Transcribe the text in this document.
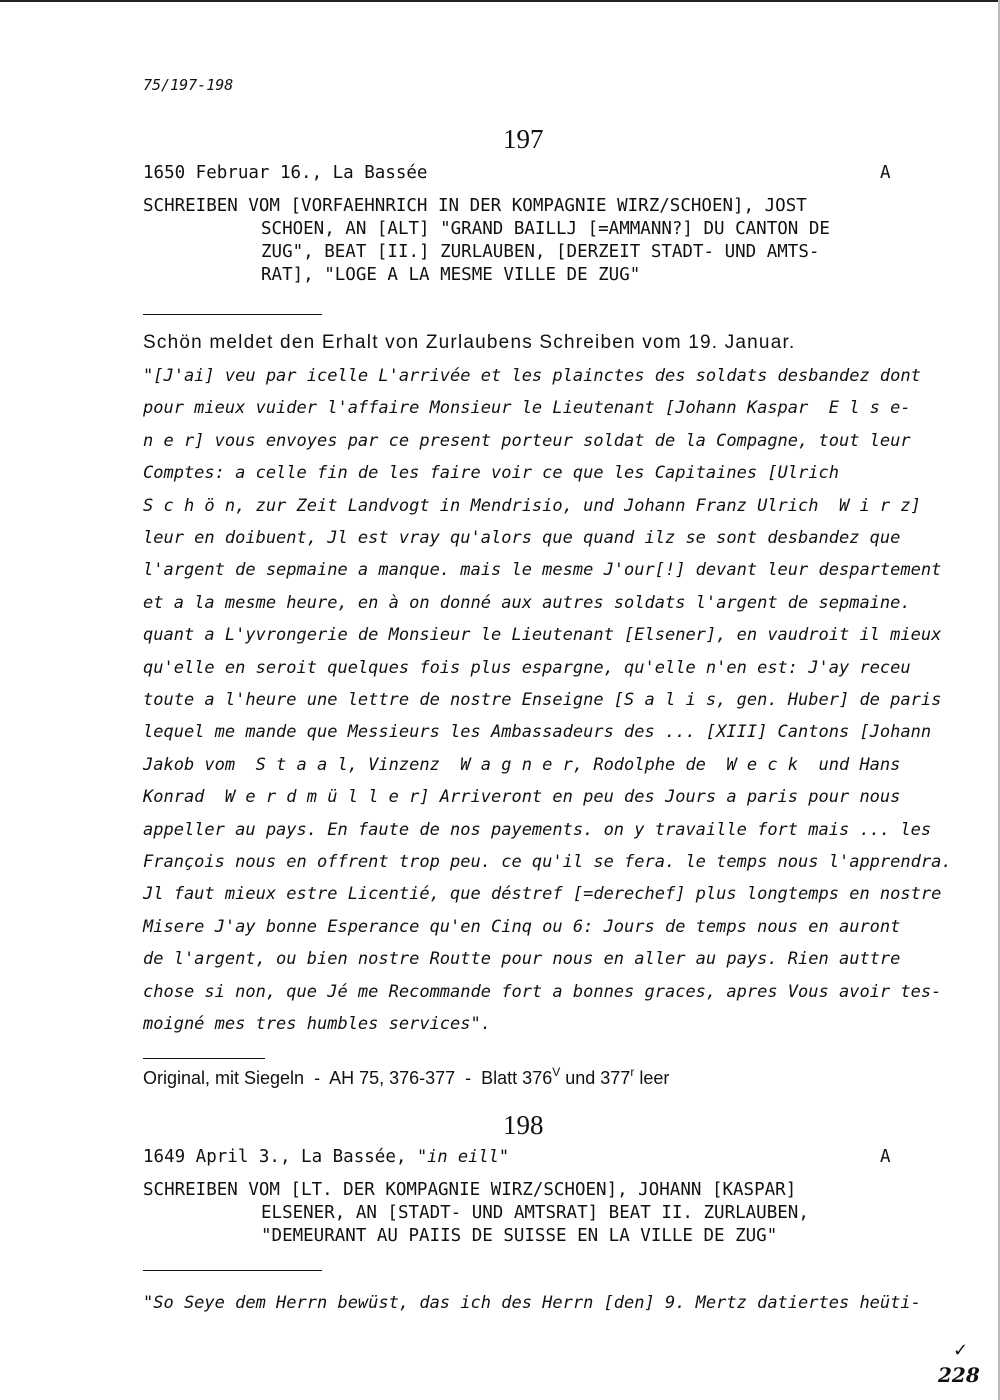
75/197-198
197
1650 Februar 16., La Bassée	A
SCHREIBEN VOM [VORFAEHNRICH IN DER KOMPAGNIE WIRZ/SCHOEN], JOST
SCHOEN, AN [ALT] "GRAND BAILLJ [=AMMANN?] DU CANTON DE
ZUG", BEAT [II.] ZURLAUBEN, [DERZEIT STADT- UND AMTS-
RAT], "LOGE A LA MESME VILLE DE ZUG"
Schön meldet den Erhalt von Zurlaubens Schreiben vom 19. Januar.
"[J'ai] veu par icelle L'arrivée et les plainctes des soldats desbandez dont
pour mieux vuider l'affaire Monsieur le Lieutenant [Johann Kaspar  E l s e-
n e r] vous envoyes par ce present porteur soldat de la Compagne, tout leur
Comptes: a celle fin de les faire voir ce que les Capitaines [Ulrich
S c h ö n, zur Zeit Landvogt in Mendrisio, und Johann Franz Ulrich  W i r z]
leur en doibuent, Jl est vray qu'alors que quand ilz se sont desbandez que
l'argent de sepmaine a manque. mais le mesme J'our[!] devant leur despartement
et a la mesme heure, en à on donné aux autres soldats l'argent de sepmaine.
quant a L'yvrongerie de Monsieur le Lieutenant [Elsener], en vaudroit il mieux
qu'elle en seroit quelques fois plus espargne, qu'elle n'en est: J'ay receu
toute a l'heure une lettre de nostre Enseigne [S a l i s, gen. Huber] de paris
lequel me mande que Messieurs les Ambassadeurs des ... [XIII] Cantons [Johann
Jakob vom  S t a a l, Vinzenz  W a g n e r, Rodolphe de  W e c k  und Hans
Konrad  W e r d m ü l l e r] Arriveront en peu des Jours a paris pour nous
appeller au pays. En faute de nos payements. on y travaille fort mais ... les
François nous en offrent trop peu. ce qu'il se fera. le temps nous l'apprendra.
Jl faut mieux estre Licentié, que déstref [=derechef] plus longtemps en nostre
Misere J'ay bonne Esperance qu'en Cinq ou 6: Jours de temps nous en auront
de l'argent, ou bien nostre Routte pour nous en aller au pays. Rien auttre
chose si non, que Jé me Recommande fort a bonnes graces, apres Vous avoir tes-
moigné mes tres humbles services".
Original, mit Siegeln  -  AH 75, 376-377  -  Blatt $376^V$ und 377$^r$ leer
198
1649 April 3., La Bassée, "in eill"	A
SCHREIBEN VOM [LT. DER KOMPAGNIE WIRZ/SCHOEN], JOHANN [KASPAR]
ELSENER, AN [STADT- UND AMTSRAT] BEAT II. ZURLAUBEN,
"DEMEURANT AU PAIIS DE SUISSE EN LA VILLE DE ZUG"
"So Seye dem Herrn bewüst, das ich des Herrn [den] 9. Mertz datiertes heüti-
✓
228
